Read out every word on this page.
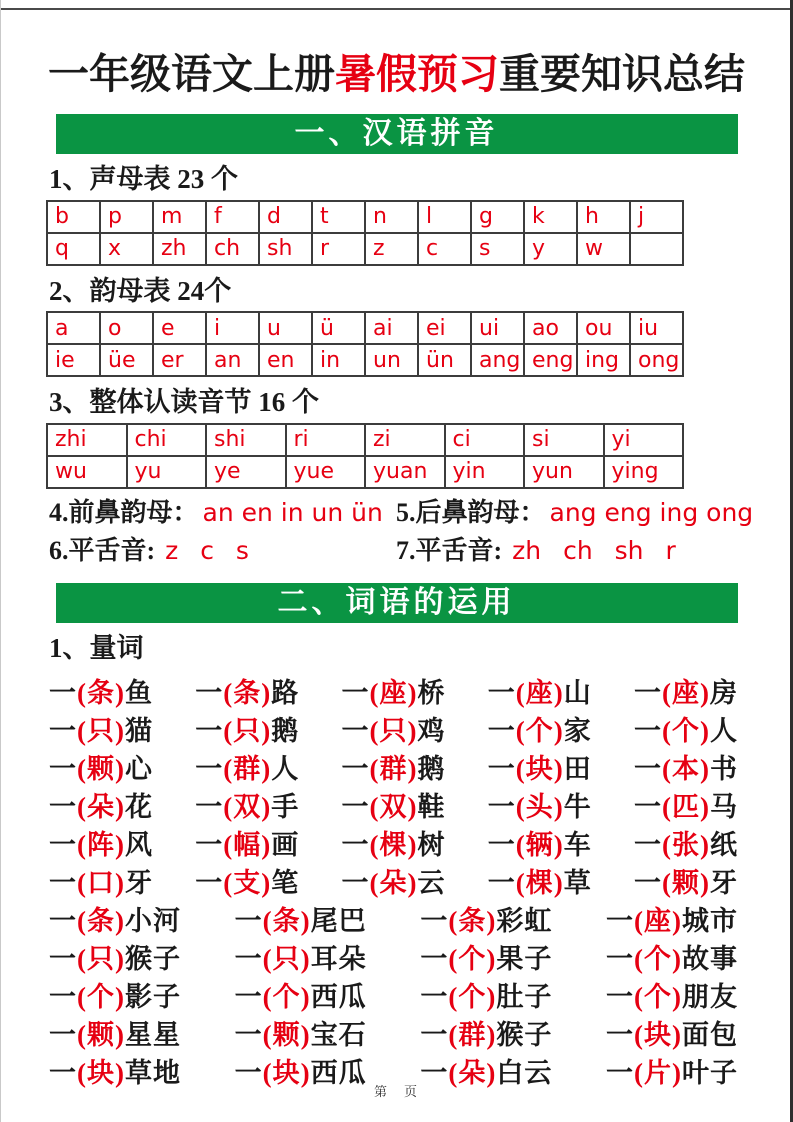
一年级语文上册暑假预习重要知识总结
一、汉语拼音
1、声母表 23 个
b	p	m	f	d	t	n	l	g	k	h	j
q	x	zh	ch	sh	r	z	c	s	y	w	
2、韵母表 24个
a	o	e	i	u	ü	ai	ei	ui	ao	ou	iu
ie	üe	er	an	en	in	un	ün	ang	eng	ing	ong
3、整体认读音节 16 个
zhi	chi	shi	ri	zi	ci	si	yi
wu	yu	ye	yue	yuan	yin	yun	ying
4.前鼻韵母： an en in un ün 5.后鼻韵母： ang eng ing ong
6.平舌音: z c s	7.平舌音: zh ch sh r
二、词语的运用
1、量词
一(条)鱼 一(条)路 一(座)桥 一(座)山 一(座)房
一(只)猫 一(只)鹅 一(只)鸡 一(个)家 一(个)人
一(颗)心 一(群)人 一(群)鹅 一(块)田 一(本)书
一(朵)花 一(双)手 一(双)鞋 一(头)牛 一(匹)马
一(阵)风 一(幅)画 一(棵)树 一(辆)车 一(张)纸
一(口)牙 一(支)笔 一(朵)云 一(棵)草 一(颗)牙
一(条)小河 一(条)尾巴 一(条)彩虹 一(座)城市
一(只)猴子 一(只)耳朵 一(个)果子 一(个)故事
一(个)影子 一(个)西瓜 一(个)肚子 一(个)朋友
一(颗)星星 一(颗)宝石 一(群)猴子 一(块)面包
一(块)草地 一(块)西瓜 一(朵)白云 一(片)叶子
第　页
